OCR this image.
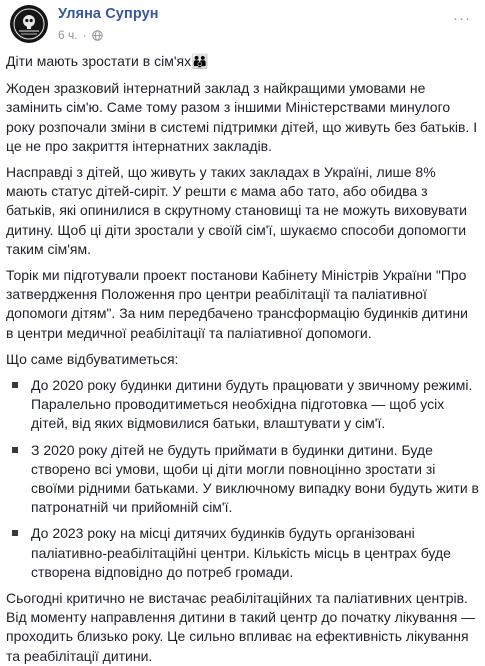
Уляна Супрун
6 ч. ·
···

Діти мають зростати в сім'ях👪

Жоден зразковий інтернатний заклад з найкращими умовами не замінить сім'ю. Саме тому разом з іншими Міністерствами минулого року розпочали зміни в системі підтримки дітей, що живуть без батьків. І це не про закриття інтернатних закладів.

Насправді з дітей, що живуть у таких закладах в Україні, лише 8% мають статус дітей-сиріт. У решти є мама або тато, або обидва з батьків, які опинилися в скрутному становищі та не можуть виховувати дитину. Щоб ці діти зростали у своїй сім'ї, шукаємо способи допомогти таким сім'ям.

Торік ми підготували проект постанови Кабінету Міністрів України "Про затвердження Положення про центри реабілітації та паліативної допомоги дітям". За ним передбачено трансформацію будинків дитини в центри медичної реабілітації та паліативної допомоги.

Що саме відбуватиметься:

До 2020 року будинки дитини будуть працювати у звичному режимі. Паралельно проводитиметься необхідна підготовка — щоб усіх дітей, від яких відмовилися батьки, влаштувати у сім'ї.
З 2020 року дітей не будуть приймати в будинки дитини. Буде створено всі умови, щоби ці діти могли повноцінно зростати зі своїми рідними батьками. У виключному випадку вони будуть жити в патронатній чи прийомній сім'ї.
До 2023 року на місці дитячих будинків будуть організовані паліативно-реабілітаційні центри. Кількість місць в центрах буде створена відповідно до потреб громади.

Сьогодні критично не вистачає реабілітаційних та паліативних центрів. Від моменту направлення дитини в такий центр до початку лікування — проходить близько року. Це сильно впливає на ефективність лікування та реабілітації дитини.
